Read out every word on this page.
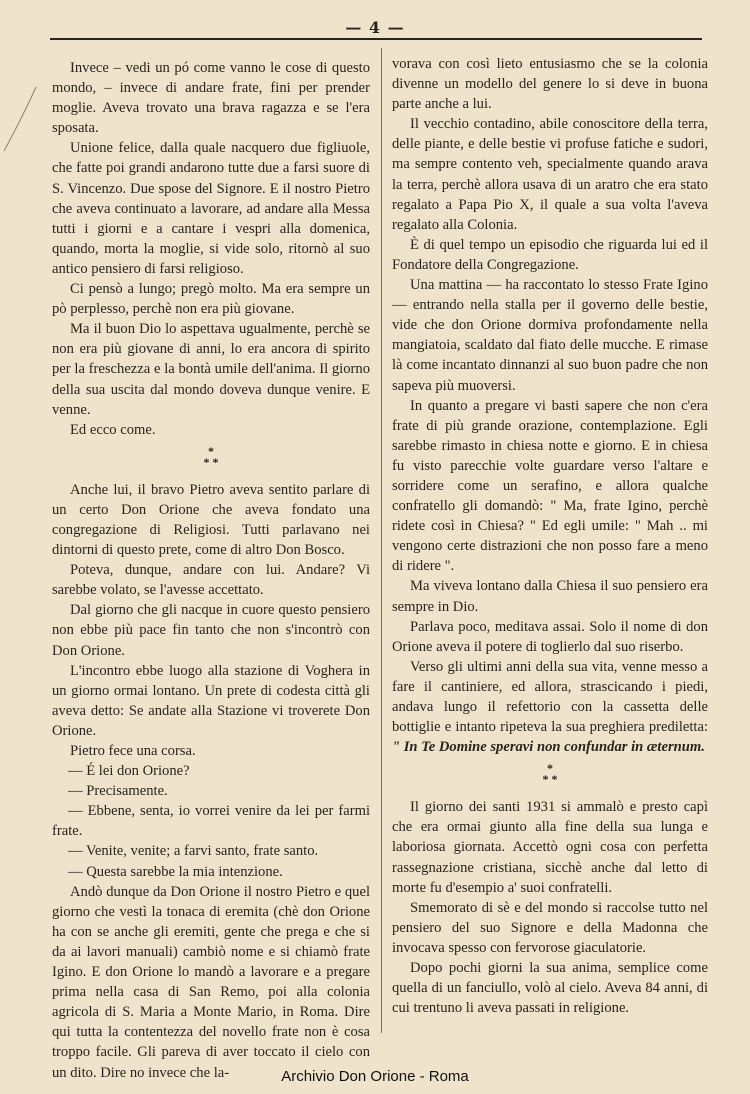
— 4 —

Invece – vedi un pó come vanno le cose di questo mondo, – invece di andare frate, fini per prender moglie. Aveva trovato una brava ragazza e se l'era sposata.

Unione felice, dalla quale nacquero due figliuole, che fatte poi grandi andarono tutte due a farsi suore di S. Vincenzo. Due spose del Signore. E il nostro Pietro che aveva continuato a lavorare, ad andare alla Messa tutti i giorni e a cantare i vespri alla domenica, quando, morta la moglie, si vide solo, ritornò al suo antico pensiero di farsi religioso.

Ci pensò a lungo; pregò molto. Ma era sempre un pò perplesso, perchè non era più giovane.

Ma il buon Dio lo aspettava ugualmente, perchè se non era più giovane di anni, lo era ancora di spirito per la freschezza e la bontà umile dell'anima. Il giorno della sua uscita dal mondo doveva dunque venire. E venne.

Ed ecco come.

*
* *

Anche lui, il bravo Pietro aveva sentito parlare di un certo Don Orione che aveva fondato una congregazione di Religiosi. Tutti parlavano nei dintorni di questo prete, come di altro Don Bosco.

Poteva, dunque, andare con lui. Andare? Vi sarebbe volato, se l'avesse accettato.

Dal giorno che gli nacque in cuore questo pensiero non ebbe più pace fin tanto che non s'incontrò con Don Orione.

L'incontro ebbe luogo alla stazione di Voghera in un giorno ormai lontano. Un prete di codesta città gli aveva detto: Se andate alla Stazione vi troverete Don Orione.

Pietro fece una corsa.

— É lei don Orione?

— Precisamente.

— Ebbene, senta, io vorrei venire da lei per farmi frate.

— Venite, venite; a farvi santo, frate santo.

— Questa sarebbe la mia intenzione.

Andò dunque da Don Orione il nostro Pietro e quel giorno che vestì la tonaca di eremita (chè don Orione ha con se anche gli eremiti, gente che prega e che si da ai lavori manuali) cambiò nome e si chiamò frate Igino. E don Orione lo mandò a lavorare e a pregare prima nella casa di San Remo, poi alla colonia agricola di S. Maria a Monte Mario, in Roma. Dire qui tutta la contentezza del novello frate non è cosa troppo facile. Gli pareva di aver toccato il cielo con un dito. Dire no invece che la-

vorava con così lieto entusiasmo che se la colonia divenne un modello del genere lo si deve in buona parte anche a lui.

Il vecchio contadino, abile conoscitore della terra, delle piante, e delle bestie vi profuse fatiche e sudori, ma sempre contento veh, specialmente quando arava la terra, perchè allora usava di un aratro che era stato regalato a Papa Pio X, il quale a sua volta l'aveva regalato alla Colonia.

È di quel tempo un episodio che riguarda lui ed il Fondatore della Congregazione.

Una mattina — ha raccontato lo stesso Frate Igino — entrando nella stalla per il governo delle bestie, vide che don Orione dormiva profondamente nella mangiatoia, scaldato dal fiato delle mucche. E rimase là come incantato dinnanzi al suo buon padre che non sapeva più muoversi.

In quanto a pregare vi basti sapere che non c'era frate di più grande orazione, contemplazione. Egli sarebbe rimasto in chiesa notte e giorno. E in chiesa fu visto parecchie volte guardare verso l'altare e sorridere come un serafino, e allora qualche confratello gli domandò: " Ma, frate Igino, perchè ridete così in Chiesa? " Ed egli umile: " Mah .. mi vengono certe distrazioni che non posso fare a meno di ridere ".

Ma viveva lontano dalla Chiesa il suo pensiero era sempre in Dio.

Parlava poco, meditava assai. Solo il nome di don Orione aveva il potere di toglierlo dal suo riserbo.

Verso gli ultimi anni della sua vita, venne messo a fare il cantiniere, ed allora, strascicando i piedi, andava lungo il refettorio con la cassetta delle bottiglie e intanto ripeteva la sua preghiera prediletta: " In Te Domine speravi non confundar in æternum.

*
* *

Il giorno dei santi 1931 si ammalò e presto capì che era ormai giunto alla fine della sua lunga e laboriosa giornata. Accettò ogni cosa con perfetta rassegnazione cristiana, sicchè anche dal letto di morte fu d'esempio a' suoi confratelli.

Smemorato di sè e del mondo si raccolse tutto nel pensiero del suo Signore e della Madonna che invocava spesso con fervorose giaculatorie.

Dopo pochi giorni la sua anima, semplice come quella di un fanciullo, volò al cielo. Aveva 84 anni, di cui trentuno li aveva passati in religione.

Archivio Don Orione - Roma
